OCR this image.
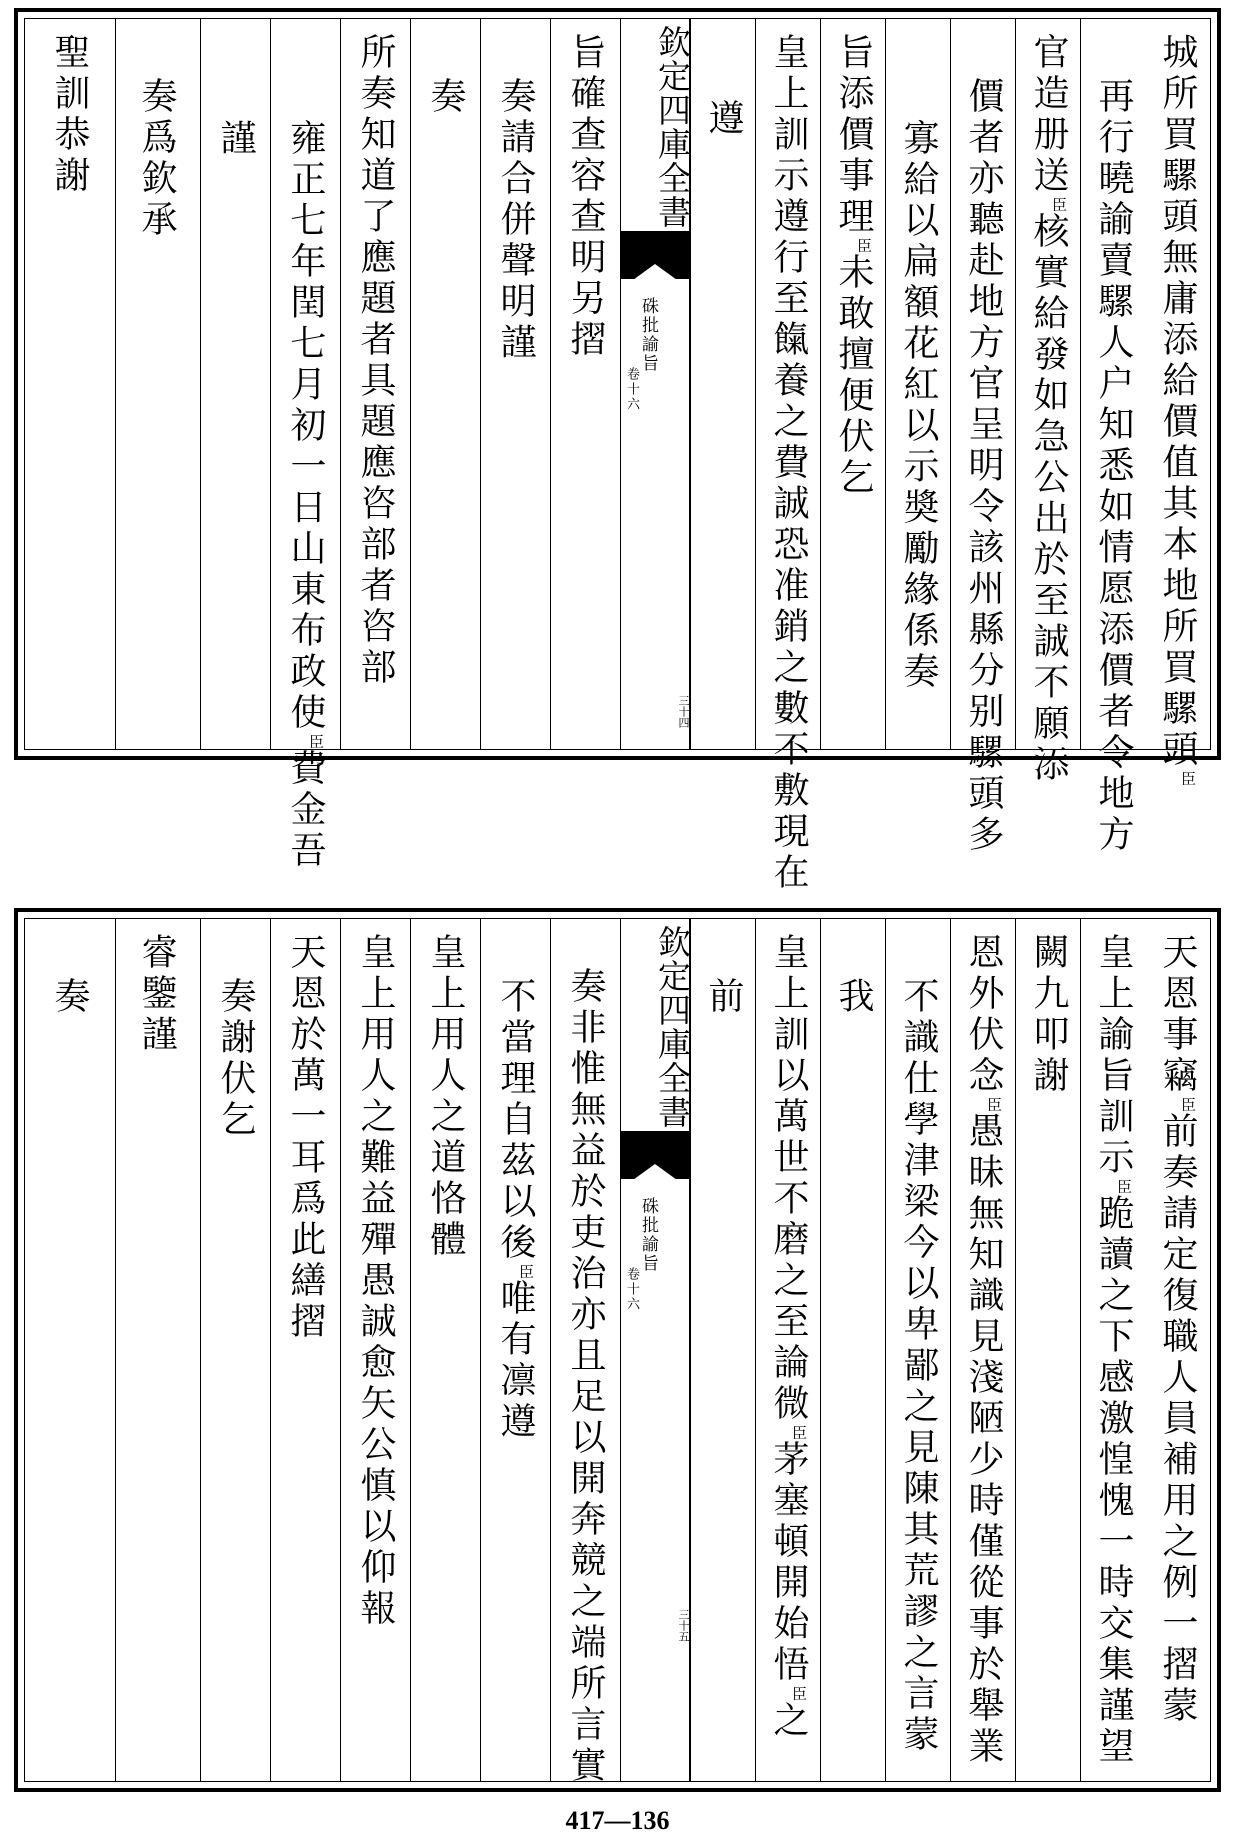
城所買騾頭無庸添給價值其本地所買騾頭$^臣$
再行曉諭賣騾人户知悉如情愿添價者令地方
官造册送$^臣$核實給發如急公出於至誠不願添
價者亦聽赴地方官呈明令該州縣分别騾頭多
寡給以扁額花紅以示奬勵緣係奏
旨添價事理$^臣$未敢擅便伏乞
皇上訓示遵行至餼養之費誠恐准銷之數不敷現在
遵
欽定四庫全書
硃批諭旨
卷十六
三十四
旨確查容查明另摺
奏請合併聲明謹
奏
所奏知道了應題者具題應咨部者咨部
雍正七年閏七月初一日山東布政使$^臣$費金吾
謹
奏爲欽承
聖訓恭謝
天恩事竊$^臣$前奏請定復職人員補用之例一摺蒙
皇上諭旨訓示$^臣$跪讀之下感激惶愧一時交集謹望
闕九叩謝
恩外伏念$^臣$愚昧無知識見淺陋少時僅從事於舉業
不識仕學津梁今以卑鄙之見陳其荒謬之言蒙
我
皇上訓以萬世不磨之至論微$^臣$茅塞頓開始悟$^臣$之
前
欽定四庫全書
硃批諭旨
卷十六
三十五
奏非惟無益於吏治亦且足以開奔競之端所言實
不當理自茲以後$^臣$唯有凛遵
皇上用人之道恪體
皇上用人之難益殫愚誠愈矢公慎以仰報
天恩於萬一耳爲此繕摺
奏謝伏乞
睿鑒謹
奏
417—136
